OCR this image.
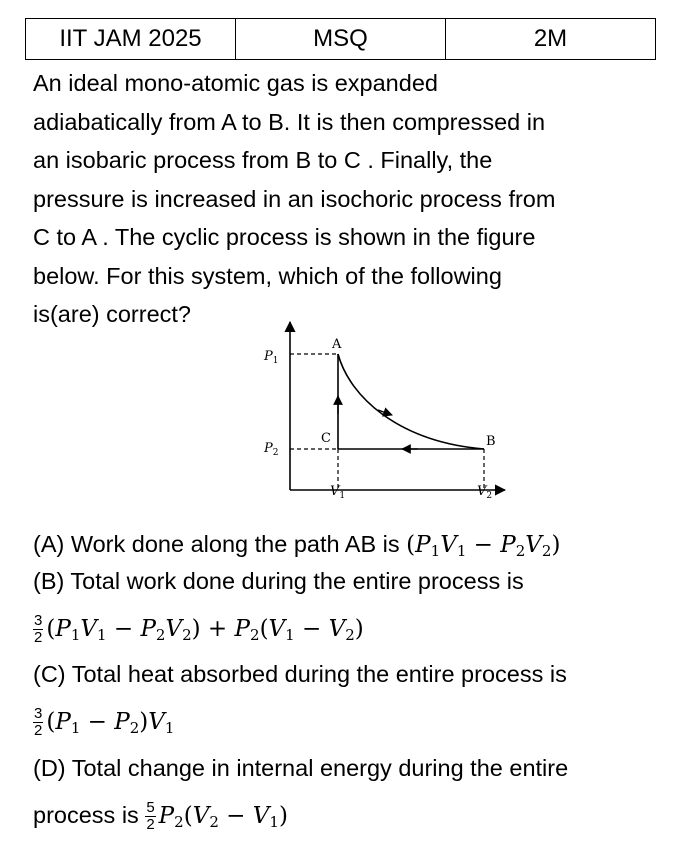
IIT JAM 2025	MSQ	2M
An ideal mono-atomic gas is expanded
adiabatically from A to B. It is then compressed in
an isobaric process from B to C . Finally, the
pressure is increased in an isochoric process from
C to A . The cyclic process is shown in the figure
below. For this system, which of the following
is(are) correct?
A
B
C
$P_1$
$P_2$
$V_1$	$V_2$
(A) Work done along the path AB is $(P_1V_1 - P_2V_2)$
(B) Total work done during the entire process is
$\frac{3}{2} (P_1V_1 - P_2V_2) + P_2(V_1 - V_2)$
(C) Total heat absorbed during the entire process is
$\frac{3}{2} (P_1 - P_2)V_1$
(D) Total change in internal energy during the entire
process is $\frac{5}{2} P_2(V_2 - V_1)$
